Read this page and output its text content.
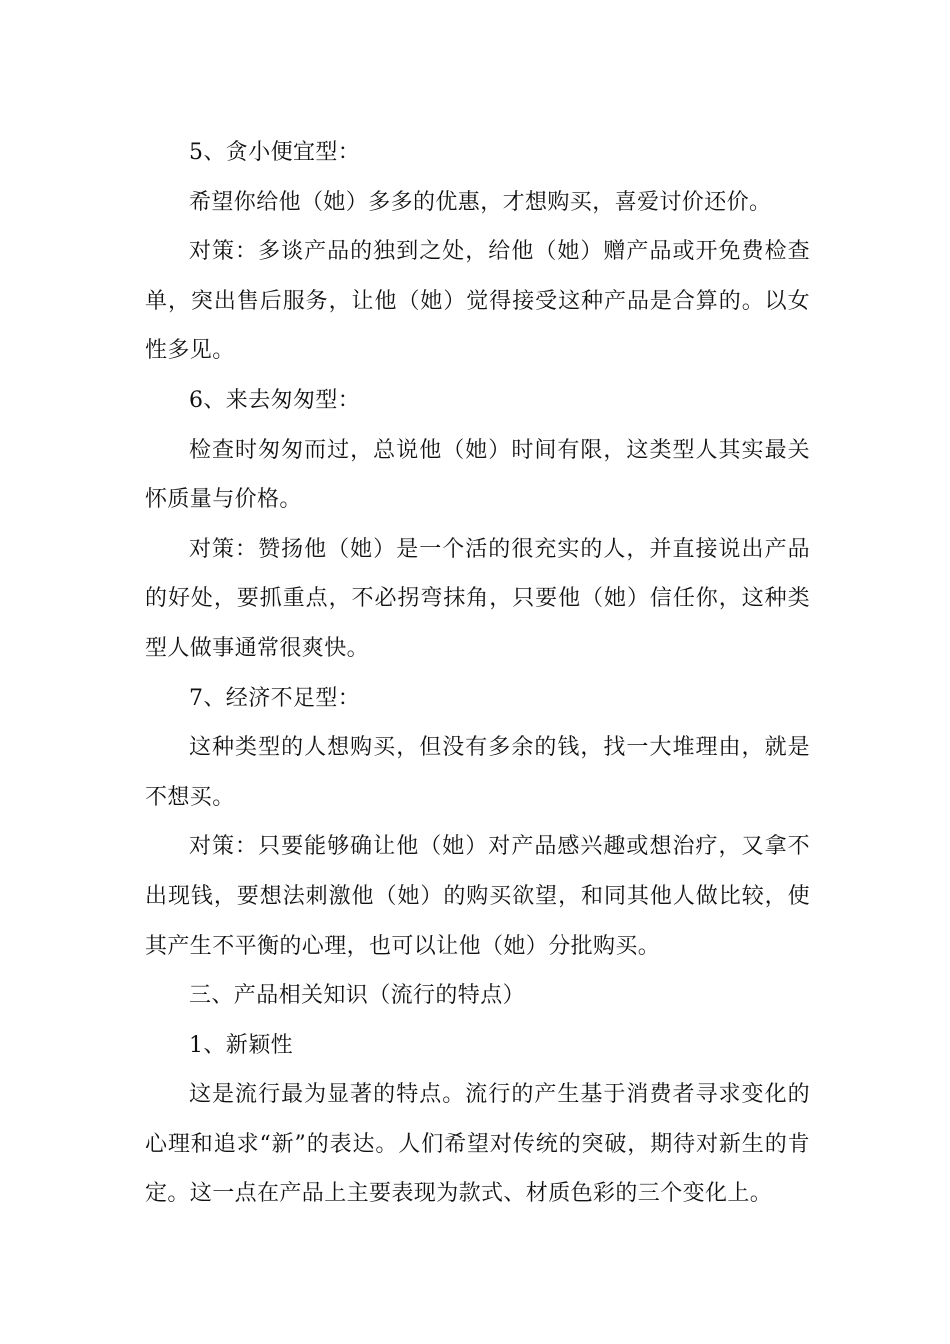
5、贪小便宜型：

希望你给他（她）多多的优惠，才想购买，喜爱讨价还价。

对策：多谈产品的独到之处，给他（她）赠产品或开免费检查单，突出售后服务，让他（她）觉得接受这种产品是合算的。以女性多见。

6、来去匆匆型：

检查时匆匆而过，总说他（她）时间有限，这类型人其实最关怀质量与价格。

对策：赞扬他（她）是一个活的很充实的人，并直接说出产品的好处，要抓重点，不必拐弯抹角，只要他（她）信任你，这种类型人做事通常很爽快。

7、经济不足型：

这种类型的人想购买，但没有多余的钱，找一大堆理由，就是不想买。

对策：只要能够确让他（她）对产品感兴趣或想治疗，又拿不出现钱，要想法刺激他（她）的购买欲望，和同其他人做比较，使其产生不平衡的心理，也可以让他（她）分批购买。

三、产品相关知识（流行的特点）

1、新颖性

这是流行最为显著的特点。流行的产生基于消费者寻求变化的心理和追求“新”的表达。人们希望对传统的突破，期待对新生的肯定。这一点在产品上主要表现为款式、材质色彩的三个变化上。
